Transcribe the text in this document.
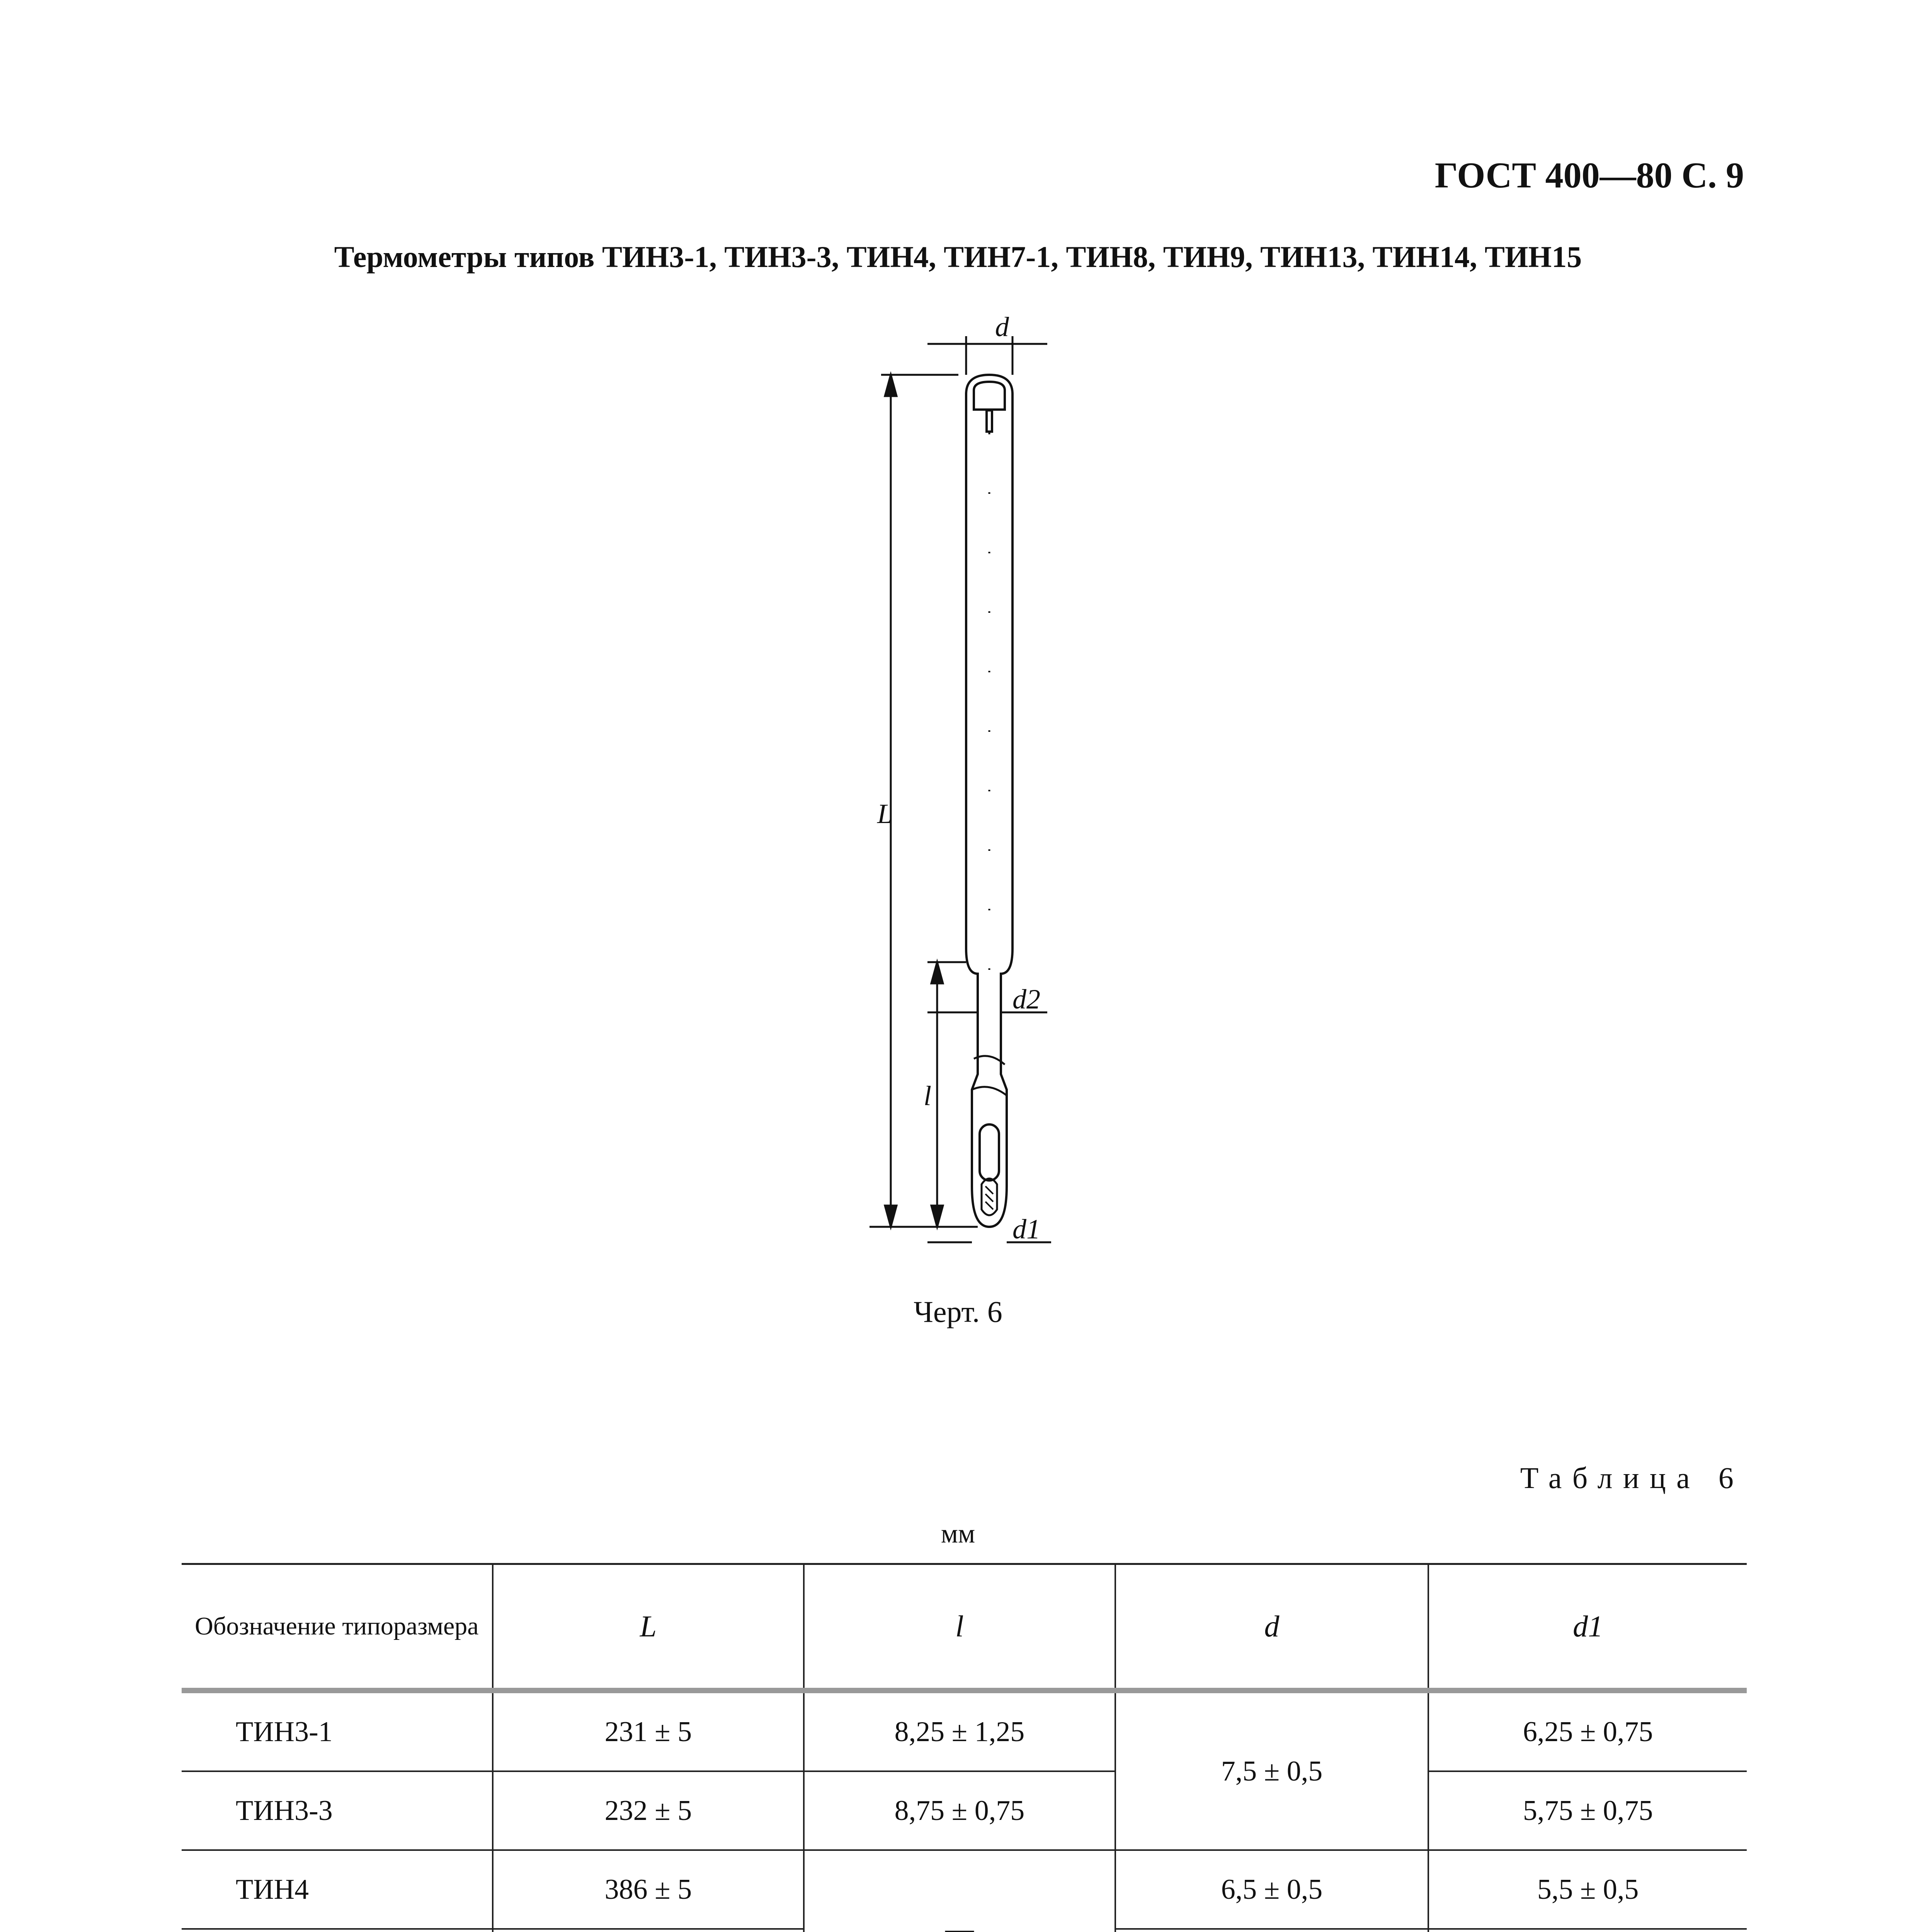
ГОСТ 400—80 С. 9
Термометры типов ТИН3-1, ТИН3-3, ТИН4, ТИН7-1, ТИН8, ТИН9, ТИН13, ТИН14, ТИН15
d
L
l
d2
d1
Черт. 6
Таблица 6
мм
Обозначение типоразмера	L	l	d	d1
ТИН3-1	231 ± 5	8,25 ± 1,25	7,5 ± 0,5	6,25 ± 0,75
ТИН3-3	232 ± 5	8,75 ± 0,75		5,75 ± 0,75
ТИН4	386 ± 5	—	6,5 ± 0,5	5,5 ± 0,5
